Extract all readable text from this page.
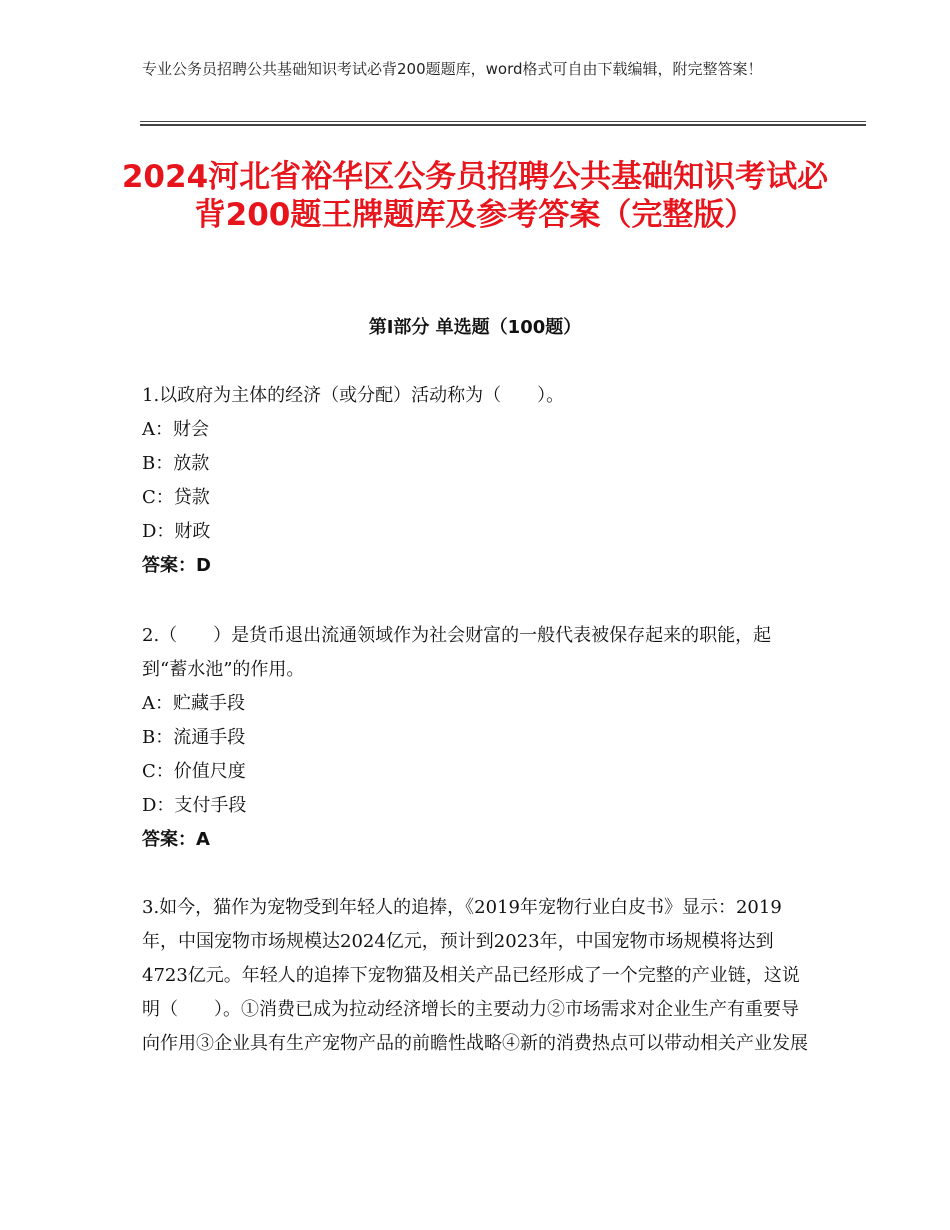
专业公务员招聘公共基础知识考试必背200题题库，word格式可自由下载编辑，附完整答案！
2024河北省裕华区公务员招聘公共基础知识考试必背200题王牌题库及参考答案（完整版）
第Ⅰ部分 单选题（100题）

1.以政府为主体的经济（或分配）活动称为（　　）。

A：财会

B：放款

C：贷款

D：财政

答案：D

2.（　　）是货币退出流通领域作为社会财富的一般代表被保存起来的职能，起到“蓄水池”的作用。

A：贮藏手段

B：流通手段

C：价值尺度

D：支付手段

答案：A

3.如今，猫作为宠物受到年轻人的追捧，《2019年宠物行业白皮书》显示：2019年，中国宠物市场规模达2024亿元，预计到2023年，中国宠物市场规模将达到4723亿元。年轻人的追捧下宠物猫及相关产品已经形成了一个完整的产业链，这说明（　　）。①消费已成为拉动经济增长的主要动力②市场需求对企业生产有重要导向作用③企业具有生产宠物产品的前瞻性战略④新的消费热点可以带动相关产业发展
